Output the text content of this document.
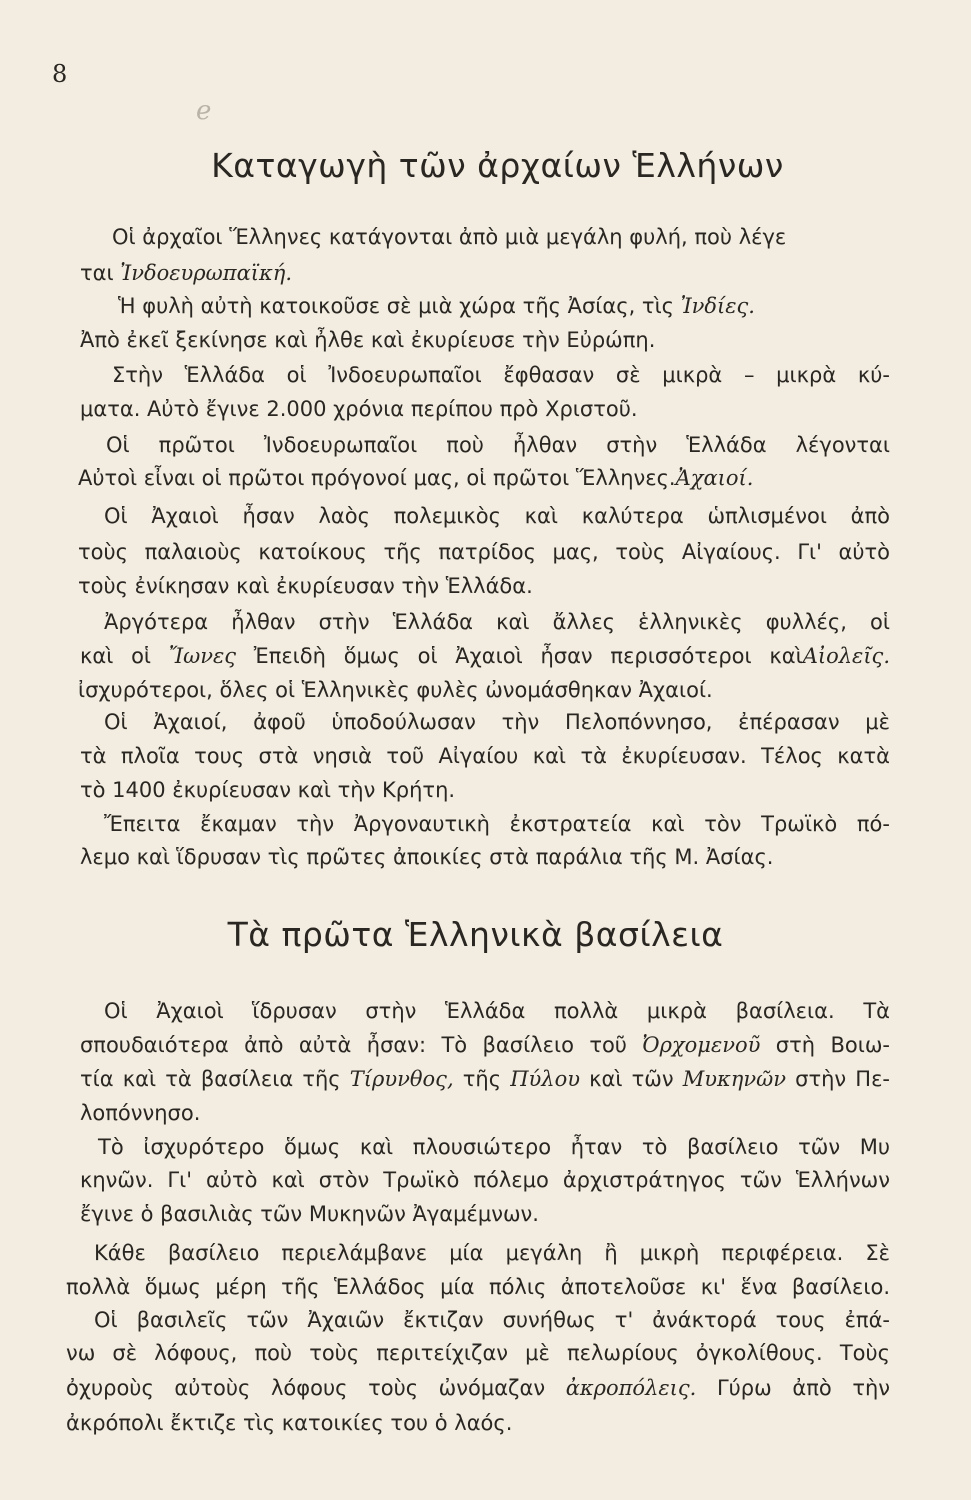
8
e
Καταγωγὴ τῶν ἀρχαίων Ἑλλήνων
Οἱ ἀρχαῖοι Ἕλληνες κατάγονται ἀπὸ μιὰ μεγάλη φυλή, ποὺ λέγε
ται Ἰνδοευρωπαϊκή.
Ἡ φυλὴ αὐτὴ κατοικοῦσε σὲ μιὰ χώρα τῆς Ἀσίας, τὶς Ἰνδίες.
Ἀπὸ ἐκεῖ ξεκίνησε καὶ ἦλθε καὶ ἐκυρίευσε τὴν Εὐρώπη.
Στὴν Ἑλλάδα οἱ Ἰνδοευρωπαῖοι ἔφθασαν σὲ μικρὰ – μικρὰ κύ-
ματα. Αὐτὸ ἔγινε 2.000 χρόνια περίπου πρὸ Χριστοῦ.
Οἱ πρῶτοι Ἰνδοευρωπαῖοι ποὺ ἦλθαν στὴν Ἑλλάδα λέγονται
Αὐτοὶ εἶναι οἱ πρῶτοι πρόγονοί μας, οἱ πρῶτοι Ἕλληνες.Ἀχαιοί.
Οἱ Ἀχαιοὶ ἦσαν λαὸς πολεμικὸς καὶ καλύτερα ὡπλισμένοι ἀπὸ
τοὺς παλαιοὺς κατοίκους τῆς πατρίδος μας, τοὺς Αἰγαίους. Γι' αὐτὸ
τοὺς ἐνίκησαν καὶ ἐκυρίευσαν τὴν Ἑλλάδα.
Ἀργότερα ἦλθαν στὴν Ἑλλάδα καὶ ἄλλες ἑλληνικὲς φυλλές, οἱ
καὶ οἱ Ἴωνες Ἐπειδὴ ὅμως οἱ Ἀχαιοὶ ἦσαν περισσότεροι καὶΑἰολεῖς.
ἰσχυρότεροι, ὅλες οἱ Ἑλληνικὲς φυλὲς ὠνομάσθηκαν Ἀχαιοί.
Οἱ Ἀχαιοί, ἀφοῦ ὑποδούλωσαν τὴν Πελοπόννησο, ἐπέρασαν μὲ
τὰ πλοῖα τους στὰ νησιὰ τοῦ Αἰγαίου καὶ τὰ ἐκυρίευσαν. Τέλος κατὰ
τὸ 1400 ἐκυρίευσαν καὶ τὴν Κρήτη.
Ἔπειτα ἔκαμαν τὴν Ἀργοναυτικὴ ἐκστρατεία καὶ τὸν Τρωϊκὸ πό-
λεμο καὶ ἵδρυσαν τὶς πρῶτες ἀποικίες στὰ παράλια τῆς Μ. Ἀσίας.
Τὰ πρῶτα Ἑλληνικὰ βασίλεια
Οἱ Ἀχαιοὶ ἵδρυσαν στὴν Ἑλλάδα πολλὰ μικρὰ βασίλεια. Τὰ
σπουδαιότερα ἀπὸ αὐτὰ ἦσαν: Τὸ βασίλειο τοῦ Ὀρχομενοῦ στὴ Βοιω-
τία καὶ τὰ βασίλεια τῆς Τίρυνθος, τῆς Πύλου καὶ τῶν Μυκηνῶν στὴν Πε-
λοπόννησο.
Τὸ ἰσχυρότερο ὅμως καὶ πλουσιώτερο ἦταν τὸ βασίλειο τῶν Μυ
κηνῶν. Γι' αὐτὸ καὶ στὸν Τρωϊκὸ πόλεμο ἀρχιστράτηγος τῶν Ἑλλήνων
ἔγινε ὁ βασιλιὰς τῶν Μυκηνῶν Ἀγαμέμνων.
Κάθε βασίλειο περιελάμβανε μία μεγάλη ἢ μικρὴ περιφέρεια. Σὲ
πολλὰ ὅμως μέρη τῆς Ἑλλάδος μία πόλις ἀποτελοῦσε κι' ἕνα βασίλειο.
Οἱ βασιλεῖς τῶν Ἀχαιῶν ἔκτιζαν συνήθως τ' ἀνάκτορά τους ἐπά-
νω σὲ λόφους, ποὺ τοὺς περιτείχιζαν μὲ πελωρίους ὀγκολίθους. Τοὺς
ὀχυροὺς αὐτοὺς λόφους τοὺς ὠνόμαζαν ἀκροπόλεις. Γύρω ἀπὸ τὴν
ἀκρόπολι ἔκτιζε τὶς κατοικίες του ὁ λαός.
